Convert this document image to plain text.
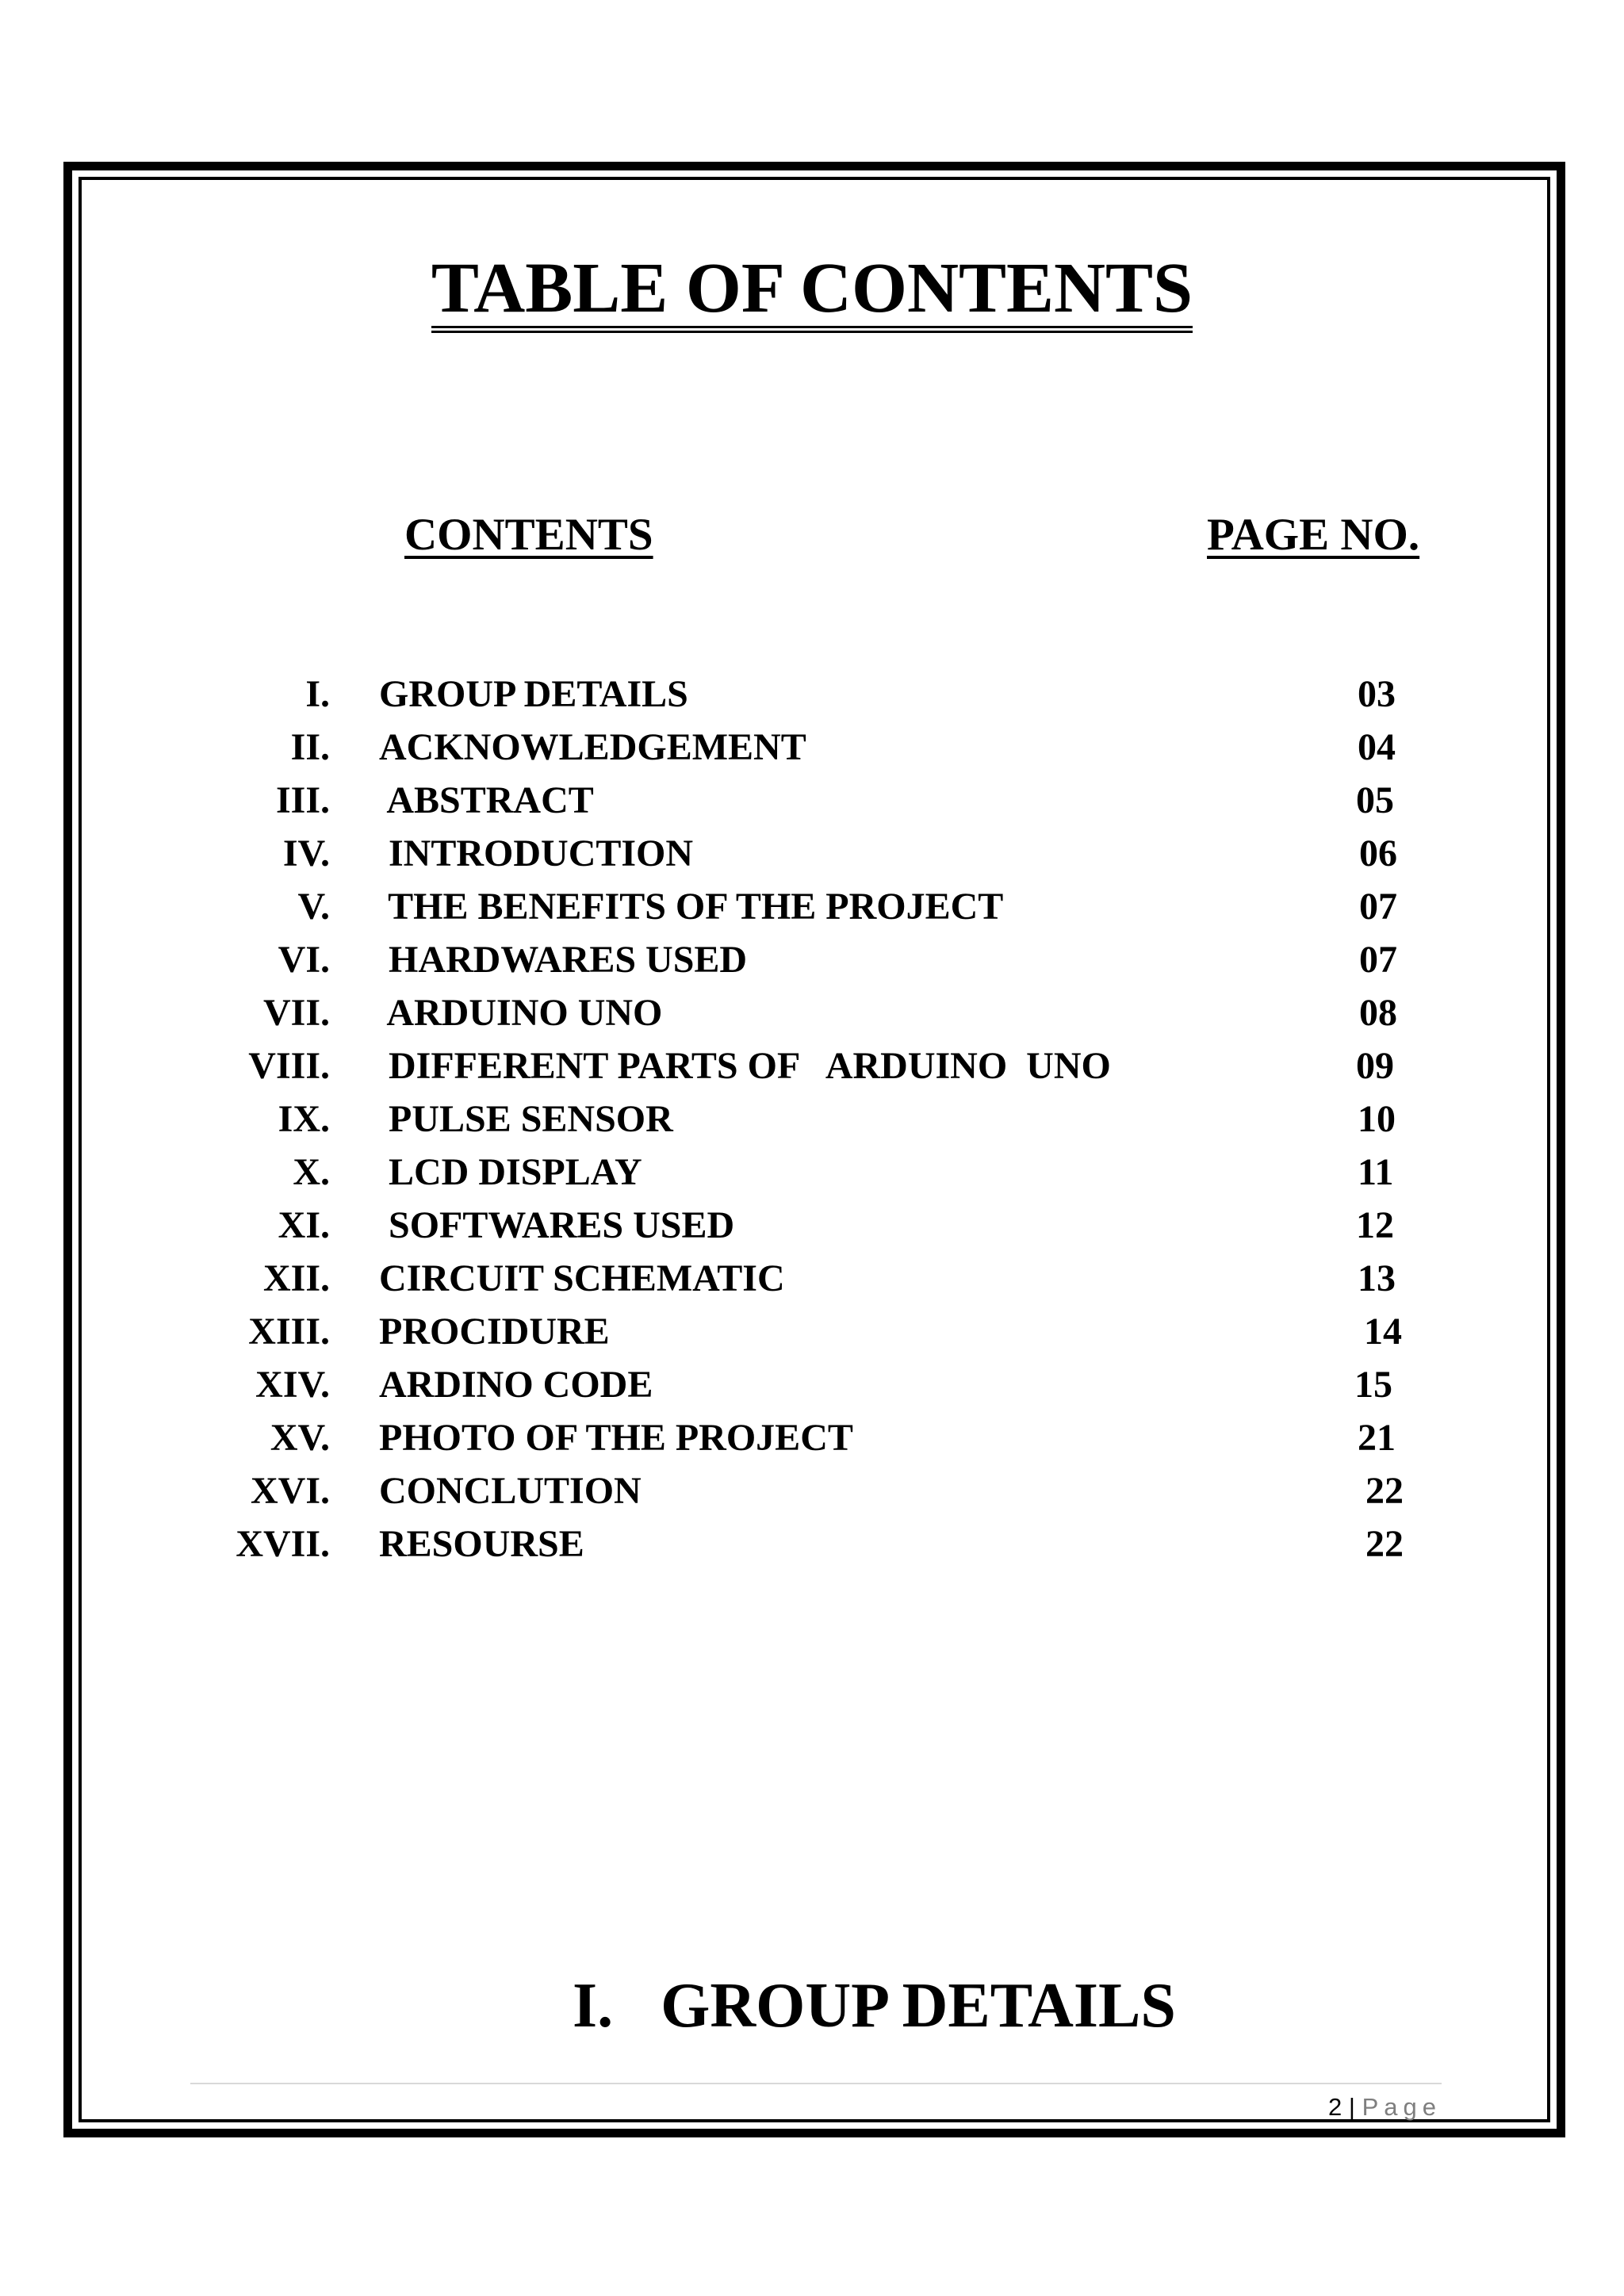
TABLE OF CONTENTS
CONTENTS	PAGE NO.
I. GROUP DETAILS	03
II. ACKNOWLEDGEMENT	04
III. ABSTRACT	05
IV. INTRODUCTION	06
V. THE BENEFITS OF THE PROJECT	07
VI. HARDWARES USED	07
VII. ARDUINO UNO	08
VIII. DIFFERENT PARTS OF   ARDUINO  UNO	09
IX. PULSE SENSOR	10
X. LCD DISPLAY	11
XI. SOFTWARES USED	12
XII. CIRCUIT SCHEMATIC	13
XIII. PROCIDURE	14
XIV. ARDINO CODE	15
XV. PHOTO OF THE PROJECT	21
XVI. CONCLUTION	22
XVII. RESOURSE	22
I.   GROUP DETAILS
2 | Page
